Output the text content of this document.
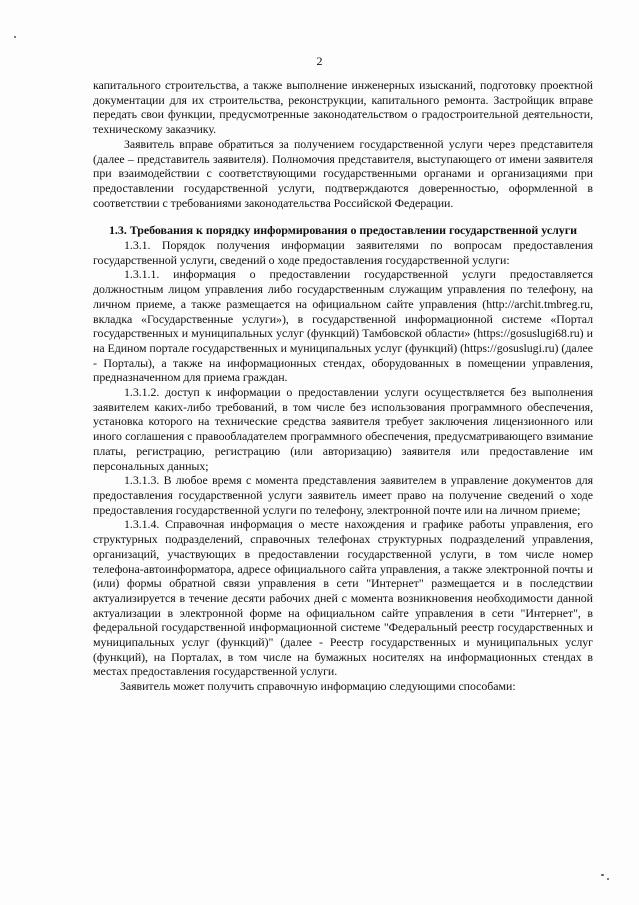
2

капитального строительства, а также выполнение инженерных изысканий, подготовку проектной документации для их строительства, реконструкции, капитального ремонта. Застройщик вправе передать свои функции, предусмотренные законодательством о градостроительной деятельности, техническому заказчику.

Заявитель вправе обратиться за получением государственной услуги через представителя (далее – представитель заявителя). Полномочия представителя, выступающего от имени заявителя при взаимодействии с соответствующими государственными органами и организациями при предоставлении государственной услуги, подтверждаются доверенностью, оформленной в соответствии с требованиями законодательства Российской Федерации.

1.3. Требования к порядку информирования о предоставлении государственной услуги

1.3.1. Порядок получения информации заявителями по вопросам предоставления государственной услуги, сведений о ходе предоставления государственной услуги:

1.3.1.1. информация о предоставлении государственной услуги предоставляется должностным лицом управления либо государственным служащим управления по телефону, на личном приеме, а также размещается на официальном сайте управления (http://archit.tmbreg.ru, вкладка «Государственные услуги»), в государственной информационной системе «Портал государственных и муниципальных услуг (функций) Тамбовской области» (https://gosuslugi68.ru) и на Едином портале государственных и муниципальных услуг (функций) (https://gosuslugi.ru) (далее - Порталы), а также на информационных стендах, оборудованных в помещении управления, предназначенном для приема граждан.

1.3.1.2. доступ к информации о предоставлении услуги осуществляется без выполнения заявителем каких-либо требований, в том числе без использования программного обеспечения, установка которого на технические средства заявителя требует заключения лицензионного или иного соглашения с правообладателем программного обеспечения, предусматривающего взимание платы, регистрацию, регистрацию (или авторизацию) заявителя или предоставление им персональных данных;

1.3.1.3. В любое время с момента представления заявителем в управление документов для предоставления государственной услуги заявитель имеет право на получение сведений о ходе предоставления государственной услуги по телефону, электронной почте или на личном приеме;

1.3.1.4. Справочная информация о месте нахождения и графике работы управления, его структурных подразделений, справочных телефонах структурных подразделений управления, организаций, участвующих в предоставлении государственной услуги, в том числе номер телефона-автоинформатора, адресе официального сайта управления, а также электронной почты и (или) формы обратной связи управления в сети "Интернет" размещается и в последствии актуализируется в течение десяти рабочих дней с момента возникновения необходимости данной актуализации в электронной форме на официальном сайте управления в сети "Интернет", в федеральной государственной информационной системе "Федеральный реестр государственных и муниципальных услуг (функций)" (далее - Реестр государственных и муниципальных услуг (функций), на Порталах, в том числе на бумажных носителях на информационных стендах в местах предоставления государственной услуги.

Заявитель может получить справочную информацию следующими способами:
